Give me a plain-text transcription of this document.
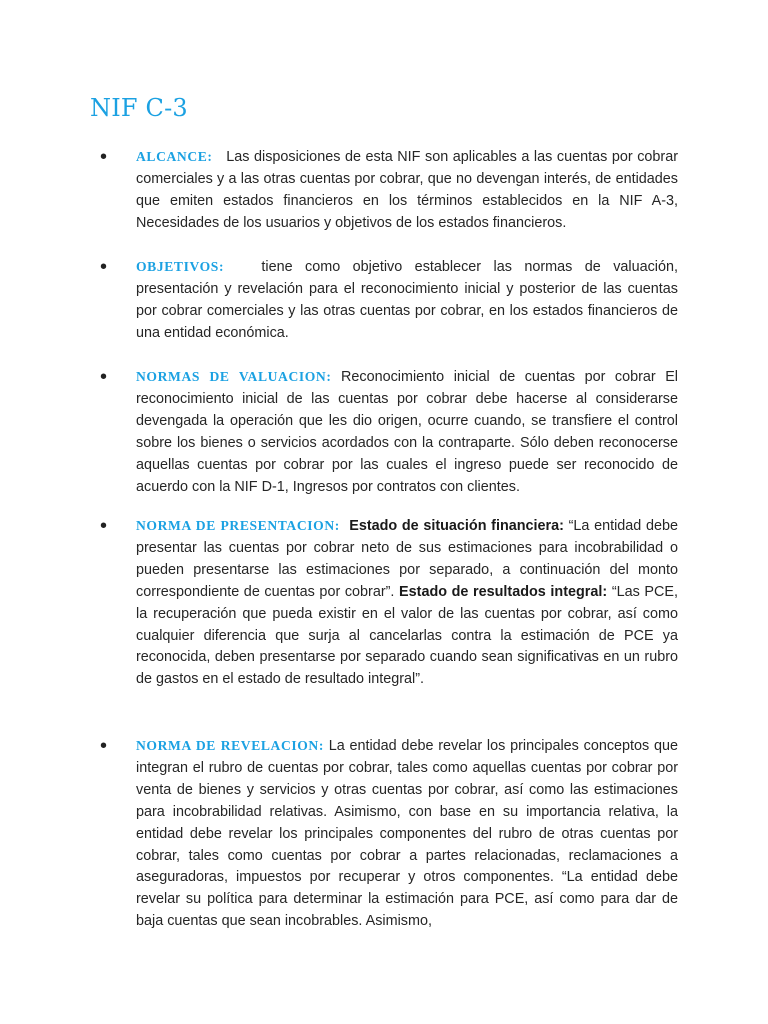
NIF C-3
• ALCANCE: Las disposiciones de esta NIF son aplicables a las cuentas por cobrar comerciales y a las otras cuentas por cobrar, que no devengan interés, de entidades que emiten estados financieros en los términos establecidos en la NIF A-3, Necesidades de los usuarios y objetivos de los estados financieros.

• OBJETIVOS:	tiene como objetivo establecer las normas de valuación, presentación y revelación para el reconocimiento inicial y posterior de las cuentas por cobrar comerciales y las otras cuentas por cobrar, en los estados financieros de una entidad económica.

• NORMAS DE VALUACION: Reconocimiento inicial de cuentas por cobrar El reconocimiento inicial de las cuentas por cobrar debe hacerse al considerarse devengada la operación que les dio origen, ocurre cuando, se transfiere el control sobre los bienes o servicios acordados con la contraparte. Sólo deben reconocerse aquellas cuentas por cobrar por las cuales el ingreso puede ser reconocido de acuerdo con la NIF D-1, Ingresos por contratos con clientes.

• NORMA DE PRESENTACION: Estado de situación financiera: “La entidad debe presentar las cuentas por cobrar neto de sus estimaciones para incobrabilidad o pueden presentarse las estimaciones por separado, a continuación del monto correspondiente de cuentas por cobrar”. Estado de resultados integral: “Las PCE, la recuperación que pueda existir en el valor de las cuentas por cobrar, así como cualquier diferencia que surja al cancelarlas contra la estimación de PCE ya reconocida, deben presentarse por separado cuando sean significativas en un rubro de gastos en el estado de resultado integral”.

• NORMA DE REVELACION: La entidad debe revelar los principales conceptos que integran el rubro de cuentas por cobrar, tales como aquellas cuentas por cobrar por venta de bienes y servicios y otras cuentas por cobrar, así como las estimaciones para incobrabilidad relativas. Asimismo, con base en su importancia relativa, la entidad debe revelar los principales componentes del rubro de otras cuentas por cobrar, tales como cuentas por cobrar a partes relacionadas, reclamaciones a aseguradoras, impuestos por recuperar y otros componentes. “La entidad debe revelar su política para determinar la estimación para PCE, así como para dar de baja cuentas que sean incobrables. Asimismo,
